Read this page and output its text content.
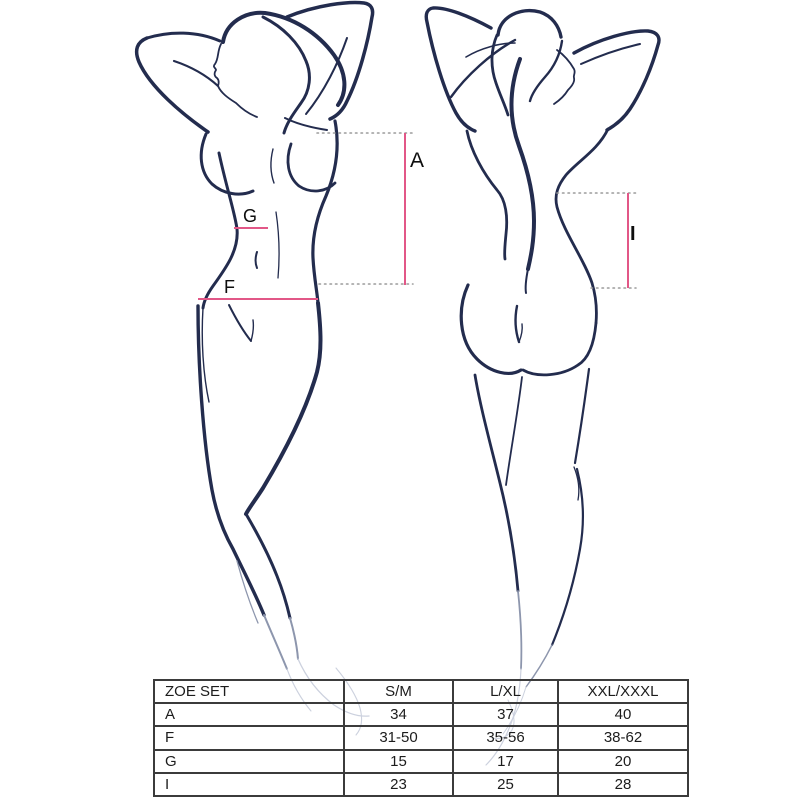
A
G
F
I
ZOE SET	S/M	L/XL	XXL/XXXL
A	34	37	40
F	31-50	35-56	38-62
G	15	17	20
I	23	25	28
